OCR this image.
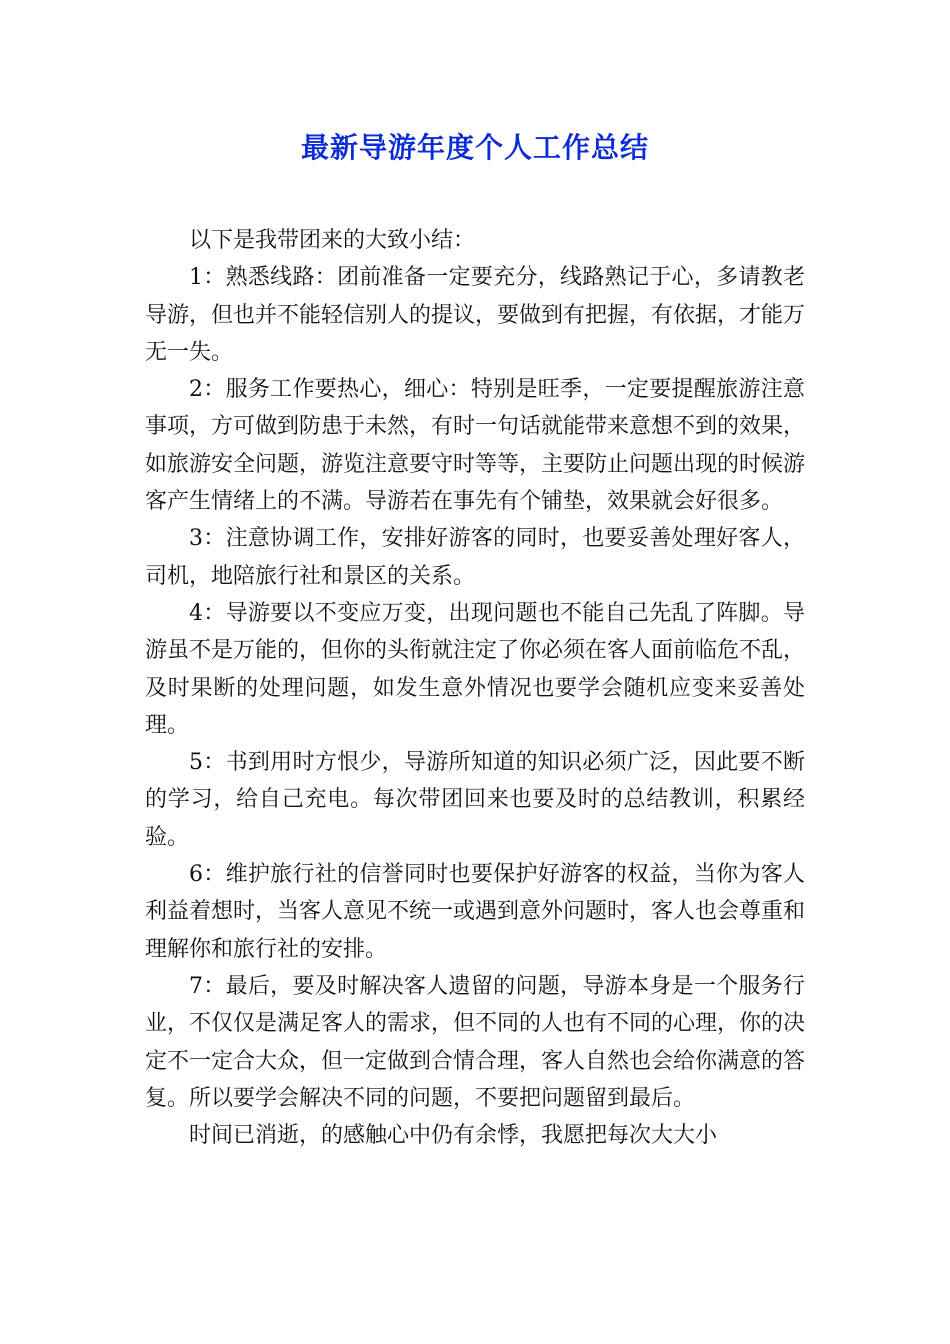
最新导游年度个人工作总结

以下是我带团来的大致小结：

1：熟悉线路：团前准备一定要充分，线路熟记于心，多请教老导游，但也并不能轻信别人的提议，要做到有把握，有依据，才能万无一失。

2：服务工作要热心，细心：特别是旺季，一定要提醒旅游注意事项，方可做到防患于未然，有时一句话就能带来意想不到的效果，如旅游安全问题，游览注意要守时等等，主要防止问题出现的时候游客产生情绪上的不满。导游若在事先有个铺垫，效果就会好很多。

3：注意协调工作，安排好游客的同时，也要妥善处理好客人，司机，地陪旅行社和景区的关系。

4：导游要以不变应万变，出现问题也不能自己先乱了阵脚。导游虽不是万能的，但你的头衔就注定了你必须在客人面前临危不乱，及时果断的处理问题，如发生意外情况也要学会随机应变来妥善处理。

5：书到用时方恨少，导游所知道的知识必须广泛，因此要不断的学习，给自己充电。每次带团回来也要及时的总结教训，积累经验。

6：维护旅行社的信誉同时也要保护好游客的权益，当你为客人利益着想时，当客人意见不统一或遇到意外问题时，客人也会尊重和理解你和旅行社的安排。

7：最后，要及时解决客人遗留的问题，导游本身是一个服务行业，不仅仅是满足客人的需求，但不同的人也有不同的心理，你的决定不一定合大众，但一定做到合情合理，客人自然也会给你满意的答复。所以要学会解决不同的问题，不要把问题留到最后。

时间已消逝，的感触心中仍有余悸，我愿把每次大大小
